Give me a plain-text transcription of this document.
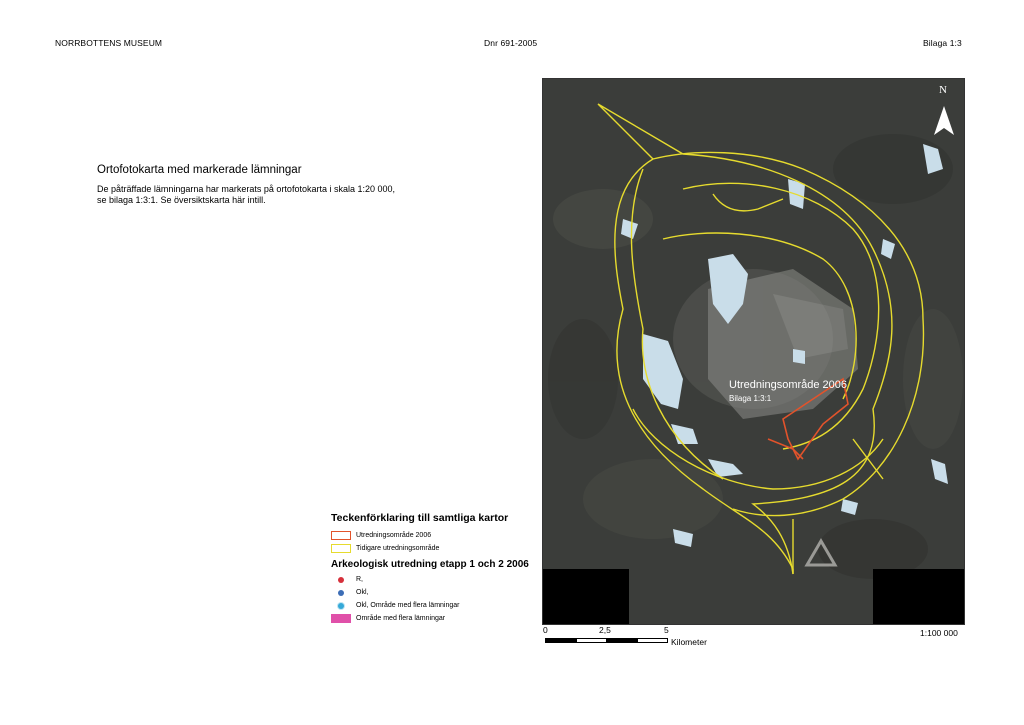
NORRBOTTENS MUSEUM	Dnr 691-2005	Bilaga 1:3
Ortofotokarta med markerade lämningar
De påträffade lämningarna har markerats på ortofotokarta i skala 1:20 000,
se bilaga 1:3:1. Se översiktskarta här intill.
N
Utredningsområde 2006
Bilaga 1:3:1
Teckenförklaring till samtliga kartor
Utredningsområde 2006
Tidigare utredningsområde
Arkeologisk utredning etapp 1 och 2 2006
R,
Okl,
Okl, Område med flera lämningar
Område med flera lämningar
0	2,5	5
Kilometer
1:100 000
